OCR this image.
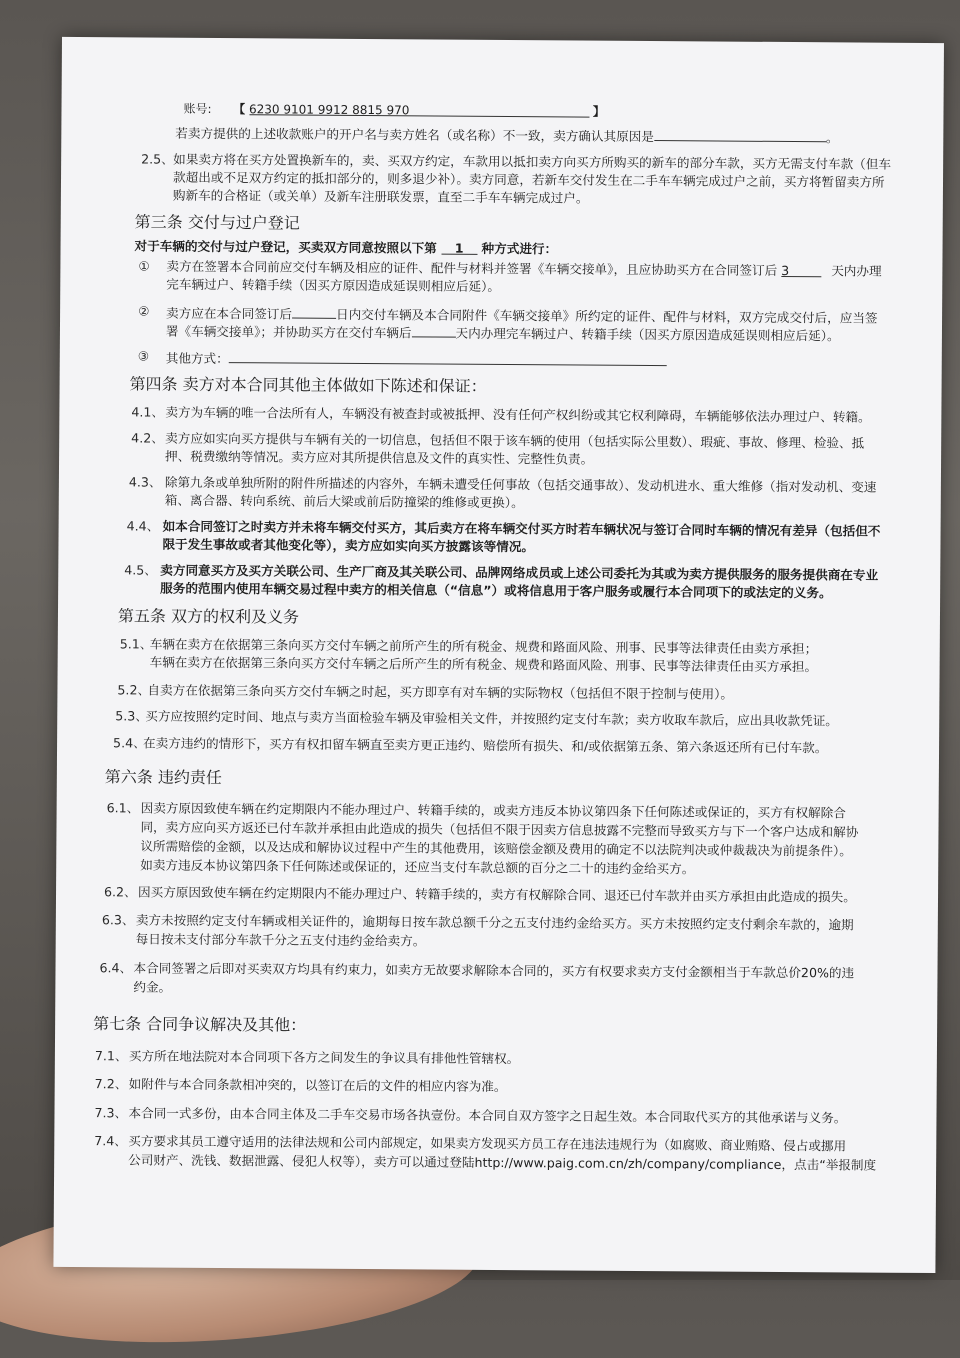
账号: 【 6230 9101 9912 8815 970	】
若卖方提供的上述收款账户的开户名与卖方姓名（或名称）不一致，卖方确认其原因是	。
2.5、 如果卖方将在买方处置换新车的，卖、买双方约定，车款用以抵扣卖方向买方所购买的新车的部分车款，买方无需支付车款（但车
款超出或不足双方约定的抵扣部分的，则多退少补）。卖方同意，若新车交付发生在二手车车辆完成过户之前，买方将暂留卖方所
购新车的合格证（或关单）及新车注册联发票，直至二手车车辆完成过户。
第三条 交付与过户登记
对于车辆的交付与过户登记，买卖双方同意按照以下第 1 种方式进行：
① 卖方在签署本合同前应交付车辆及相应的证件、配件与材料并签署《车辆交接单》，且应协助买方在合同签订后 3	天内办理
完车辆过户、转籍手续（因买方原因造成延误则相应后延）。
② 卖方应在本合同签订后	日内交付车辆及本合同附件《车辆交接单》所约定的证件、配件与材料，双方完成交付后，应当签
署《车辆交接单》；并协助买方在交付车辆后	天内办理完车辆过户、转籍手续（因买方原因造成延误则相应后延）。
③ 其他方式：
第四条 卖方对本合同其他主体做如下陈述和保证：
4.1、 卖方为车辆的唯一合法所有人，车辆没有被查封或被抵押、没有任何产权纠纷或其它权利障碍，车辆能够依法办理过户、转籍。
4.2、 卖方应如实向买方提供与车辆有关的一切信息，包括但不限于该车辆的使用（包括实际公里数）、瑕疵、事故、修理、检验、抵
押、税费缴纳等情况。卖方应对其所提供信息及文件的真实性、完整性负责。
4.3、 除第九条或单独所附的附件所描述的内容外，车辆未遭受任何事故（包括交通事故）、发动机进水、重大维修（指对发动机、变速
箱、离合器、转向系统、前后大梁或前后防撞梁的维修或更换）。
4.4、 如本合同签订之时卖方并未将车辆交付买方，其后卖方在将车辆交付买方时若车辆状况与签订合同时车辆的情况有差异（包括但不
限于发生事故或者其他变化等），卖方应如实向买方披露该等情况。
4.5、 卖方同意买方及买方关联公司、生产厂商及其关联公司、品牌网络成员或上述公司委托为其或为卖方提供服务的服务提供商在专业
服务的范围内使用车辆交易过程中卖方的相关信息（“信息”）或将信息用于客户服务或履行本合同项下的或法定的义务。
第五条 双方的权利及义务
5.1、
车辆在卖方在依据第三条向买方交付车辆之前所产生的所有税金、规费和路面风险、刑事、民事等法律责任由卖方承担；
车辆在卖方在依据第三条向买方交付车辆之后所产生的所有税金、规费和路面风险、刑事、民事等法律责任由买方承担。
5.2、
自卖方在依据第三条向买方交付车辆之时起，买方即享有对车辆的实际物权（包括但不限于控制与使用）。
5.3、
买方应按照约定时间、地点与卖方当面检验车辆及审验相关文件，并按照约定支付车款；卖方收取车款后，应出具收款凭证。
5.4、
在卖方违约的情形下，买方有权扣留车辆直至卖方更正违约、赔偿所有损失、和/或依据第五条、第六条返还所有已付车款。
第六条 违约责任
6.1、 因卖方原因致使车辆在约定期限内不能办理过户、转籍手续的，或卖方违反本协议第四条下任何陈述或保证的，买方有权解除合
同，卖方应向买方返还已付车款并承担由此造成的损失（包括但不限于因卖方信息披露不完整而导致买方与下一个客户达成和解协
议所需赔偿的金额，以及达成和解协议过程中产生的其他费用，该赔偿金额及费用的确定不以法院判决或仲裁裁决为前提条件）。
如卖方违反本协议第四条下任何陈述或保证的，还应当支付车款总额的百分之二十的违约金给买方。
6.2、 因买方原因致使车辆在约定期限内不能办理过户、转籍手续的，卖方有权解除合同、退还已付车款并由买方承担由此造成的损失。
6.3、 卖方未按照约定支付车辆或相关证件的，逾期每日按车款总额千分之五支付违约金给买方。买方未按照约定支付剩余车款的，逾期
每日按未支付部分车款千分之五支付违约金给卖方。
6.4、 本合同签署之后即对买卖双方均具有约束力，如卖方无故要求解除本合同的，买方有权要求卖方支付金额相当于车款总价20%的违
约金。
第七条 合同争议解决及其他：
7.1、 买方所在地法院对本合同项下各方之间发生的争议具有排他性管辖权。
7.2、 如附件与本合同条款相冲突的，以签订在后的文件的相应内容为准。
7.3、 本合同一式多份，由本合同主体及二手车交易市场各执壹份。本合同自双方签字之日起生效。本合同取代买方的其他承诺与义务。
7.4、 买方要求其员工遵守适用的法律法规和公司内部规定，如果卖方发现买方员工存在违法违规行为（如腐败、商业贿赂、侵占或挪用
公司财产、洗钱、数据泄露、侵犯人权等），卖方可以通过登陆http://www.paig.com.cn/zh/company/compliance，点击“举报制度
